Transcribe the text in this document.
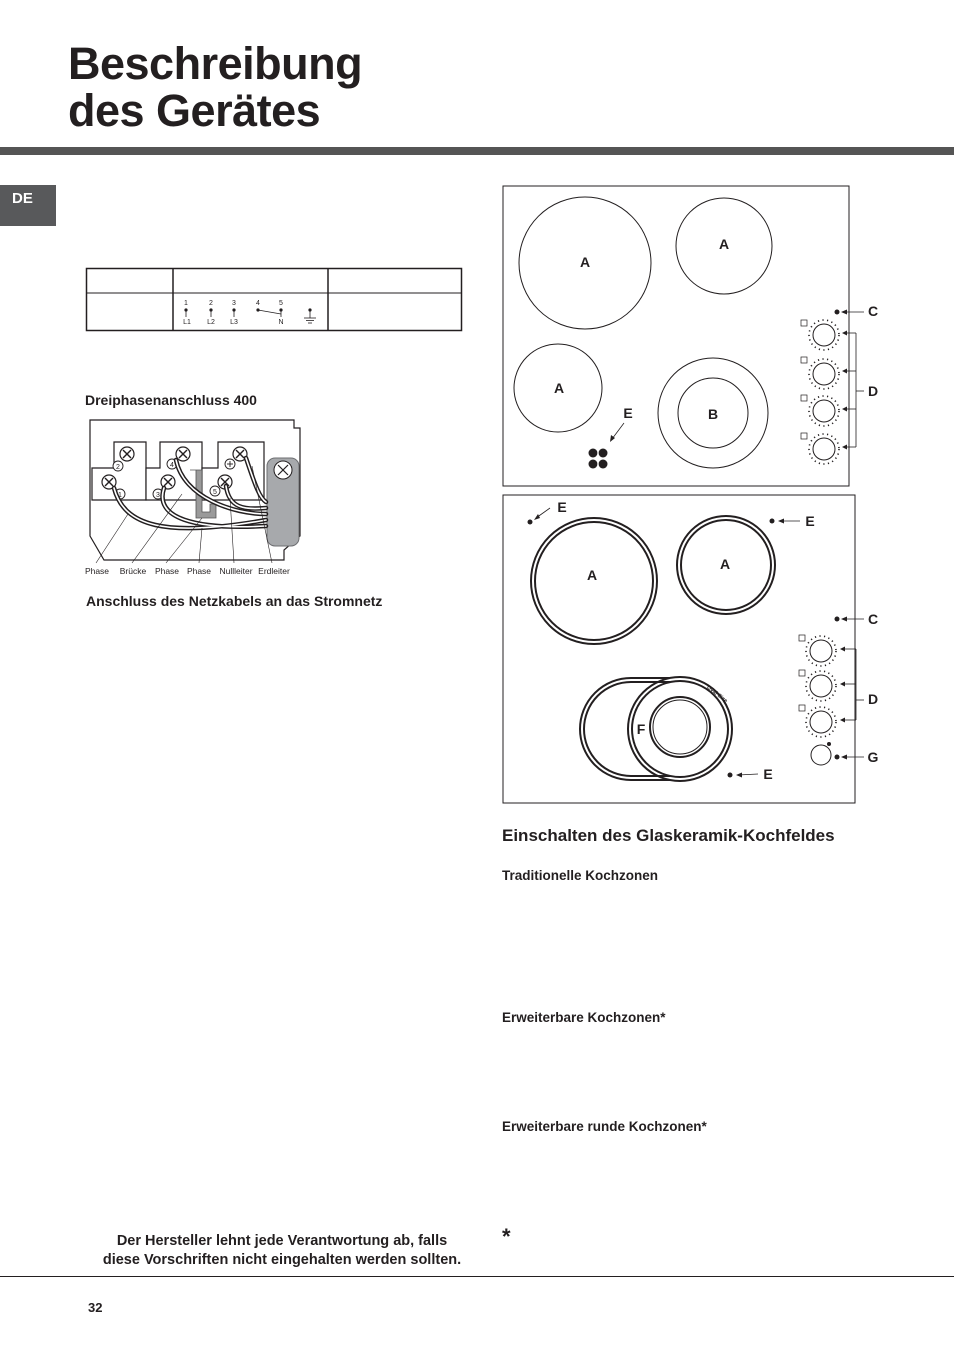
Beschreibung
des Gerätes
DE
1	2	3	4	5
L1 L2 L3	N
Dreiphasenanschluss 400
2
1
4
3	5
Phase Brücke Phase Phase Nullleiter Erdleiter
Anschluss des Netzkabels an das Stromnetz
A
A
A
B
E
C
D
Oval Size
A
A
F
E
E
E
C
D
G
Einschalten des Glaskeramik-Kochfeldes
Traditionelle Kochzonen
Erweiterbare Kochzonen*
Erweiterbare runde Kochzonen*
*
Der Hersteller lehnt jede Verantwortung ab, falls
diese Vorschriften nicht eingehalten werden sollten.
32
